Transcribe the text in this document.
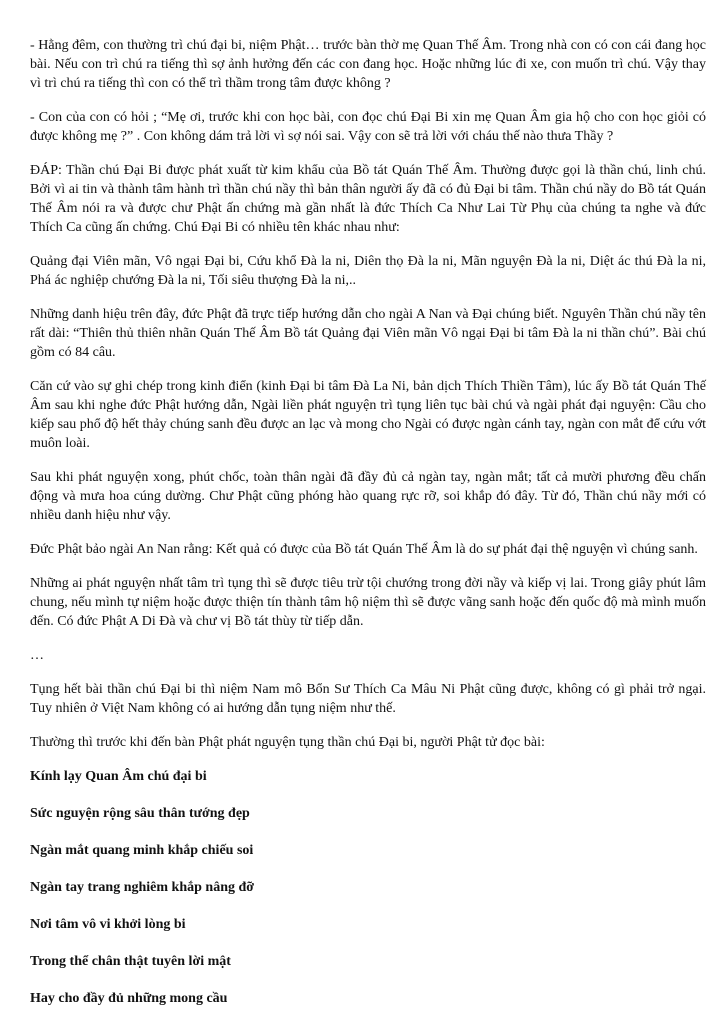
- Hằng đêm, con thường trì chú đại bi, niệm Phật… trước bàn thờ mẹ Quan Thế Âm. Trong nhà con có con cái đang học bài. Nếu con trì chú ra tiếng thì sợ ảnh hưởng đến các con đang học. Hoặc những lúc đi xe, con muốn trì chú. Vậy thay vì trì chú ra tiếng thì con có thể trì thầm trong tâm được không ?

- Con của con có hỏi ; “Mẹ ơi, trước khi con học bài, con đọc chú Đại Bi xin mẹ Quan Âm gia hộ cho con học giỏi có được không mẹ ?” . Con không dám trả lời vì sợ nói sai. Vậy con sẽ trả lời với cháu thế nào thưa Thầy ?

ĐÁP: Thần chú Đại Bi được phát xuất từ kim khẩu của Bồ tát Quán Thế Âm. Thường được gọi là thần chú, linh chú. Bởi vì ai tin và thành tâm hành trì thần chú nầy thì bản thân người ấy đã có đủ Đại bi tâm. Thần chú nầy do Bồ tát Quán Thế Âm nói ra và được chư Phật ấn chứng mà gần nhất là đức Thích Ca Như Lai Từ Phụ của chúng ta nghe và đức Thích Ca cũng ấn chứng. Chú Đại Bi có nhiều tên khác nhau như:

Quảng đại Viên mãn, Vô ngại Đại bi, Cứu khổ Đà la ni, Diên thọ Đà la ni, Mãn nguyện Đà la ni, Diệt ác thú Đà la ni, Phá ác nghiệp chướng Đà la ni, Tối siêu thượng Đà la ni,..

Những danh hiệu trên đây, đức Phật đã trực tiếp hướng dẫn cho ngài A Nan và Đại chúng biết. Nguyên Thần chú nầy tên rất dài: “Thiên thủ thiên nhãn Quán Thế Âm Bồ tát Quảng đại Viên mãn Vô ngại Đại bi tâm Đà la ni thần chú”. Bài chú gồm có 84 câu.

Căn cứ vào sự ghi chép trong kinh điển (kinh Đại bi tâm Đà La Ni, bản dịch Thích Thiền Tâm), lúc ấy Bồ tát Quán Thế Âm sau khi nghe đức Phật hướng dẫn, Ngài liền phát nguyện trì tụng liên tục bài chú và ngài phát đại nguyện: Cầu cho kiếp sau phổ độ hết thảy chúng sanh đều được an lạc và mong cho Ngài có được ngàn cánh tay, ngàn con mắt để cứu vớt muôn loài.

Sau khi phát nguyện xong, phút chốc, toàn thân ngài đã đầy đủ cả ngàn tay, ngàn mắt; tất cả mười phương đều chấn động và mưa hoa cúng dường. Chư Phật cũng phóng hào quang rực rỡ, soi khắp đó đây. Từ đó, Thần chú nầy mới có nhiều danh hiệu như vậy.

Đức Phật bảo ngài An Nan rằng: Kết quả có được của Bồ tát Quán Thế Âm là do sự phát đại thệ nguyện vì chúng sanh.

Những ai phát nguyện nhất tâm trì tụng thì sẽ được tiêu trừ tội chướng trong đời nầy và kiếp vị lai. Trong giây phút lâm chung, nếu mình tự niệm hoặc được thiện tín thành tâm hộ niệm thì sẽ được vãng sanh hoặc đến quốc độ mà mình muốn đến. Có đức Phật A Di Đà và chư vị Bồ tát thùy từ tiếp dẫn.

…

Tụng hết bài thần chú Đại bi thì niệm Nam mô Bổn Sư Thích Ca Mâu Ni Phật cũng được, không có gì phải trở ngại. Tuy nhiên ở Việt Nam không có ai hướng dẫn tụng niệm như thế.

Thường thì trước khi đến bàn Phật phát nguyện tụng thần chú Đại bi, người Phật tử đọc bài:

Kính lạy Quan Âm chú đại bi

Sức nguyện rộng sâu thân tướng đẹp

Ngàn mắt quang minh khắp chiếu soi

Ngàn tay trang nghiêm khắp nâng đỡ

Nơi tâm vô vi khởi lòng bi

Trong thể chân thật tuyên lời mật

Hay cho đầy đủ những mong cầu
